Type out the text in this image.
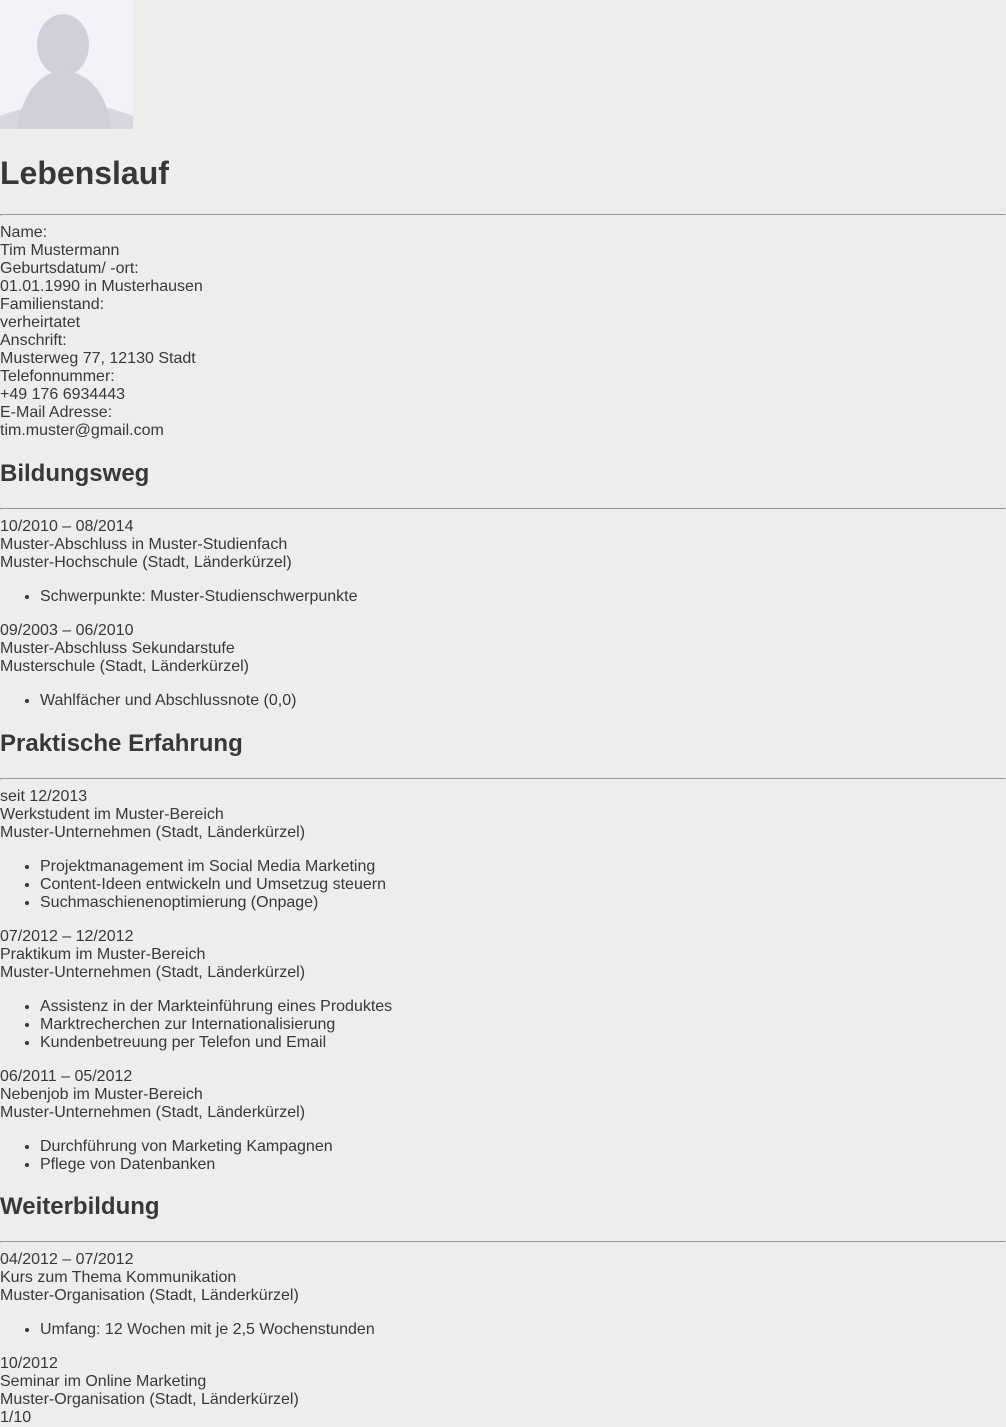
Lebenslauf
Name:
Tim Mustermann
Geburtsdatum/ -ort:
01.01.1990 in Musterhausen
Familienstand:
verheirtatet
Anschrift:
Musterweg 77, 12130 Stadt
Telefonnummer:
+49 176 6934443
E-Mail Adresse:
tim.muster@gmail.com
Bildungsweg
10/2010 – 08/2014
Muster-Abschluss in Muster-Studienfach
Muster-Hochschule (Stadt, Länderkürzel)
• Schwerpunkte: Muster-Studienschwerpunkte
09/2003 – 06/2010
Muster-Abschluss Sekundarstufe
Musterschule (Stadt, Länderkürzel)
• Wahlfächer und Abschlussnote (0,0)
Praktische Erfahrung
seit 12/2013
Werkstudent im Muster-Bereich
Muster-Unternehmen (Stadt, Länderkürzel)
• Projektmanagement im Social Media Marketing
• Content-Ideen entwickeln und Umsetzug steuern
• Suchmaschienenoptimierung (Onpage)
07/2012 – 12/2012
Praktikum im Muster-Bereich
Muster-Unternehmen (Stadt, Länderkürzel)
• Assistenz in der Markteinführung eines Produktes
• Marktrecherchen zur Internationalisierung
• Kundenbetreuung per Telefon und Email
06/2011 – 05/2012
Nebenjob im Muster-Bereich
Muster-Unternehmen (Stadt, Länderkürzel)
• Durchführung von Marketing Kampagnen
• Pflege von Datenbanken
Weiterbildung
04/2012 – 07/2012
Kurs zum Thema Kommunikation
Muster-Organisation (Stadt, Länderkürzel)
• Umfang: 12 Wochen mit je 2,5 Wochenstunden
10/2012
Seminar im Online Marketing
Muster-Organisation (Stadt, Länderkürzel)
1/10
